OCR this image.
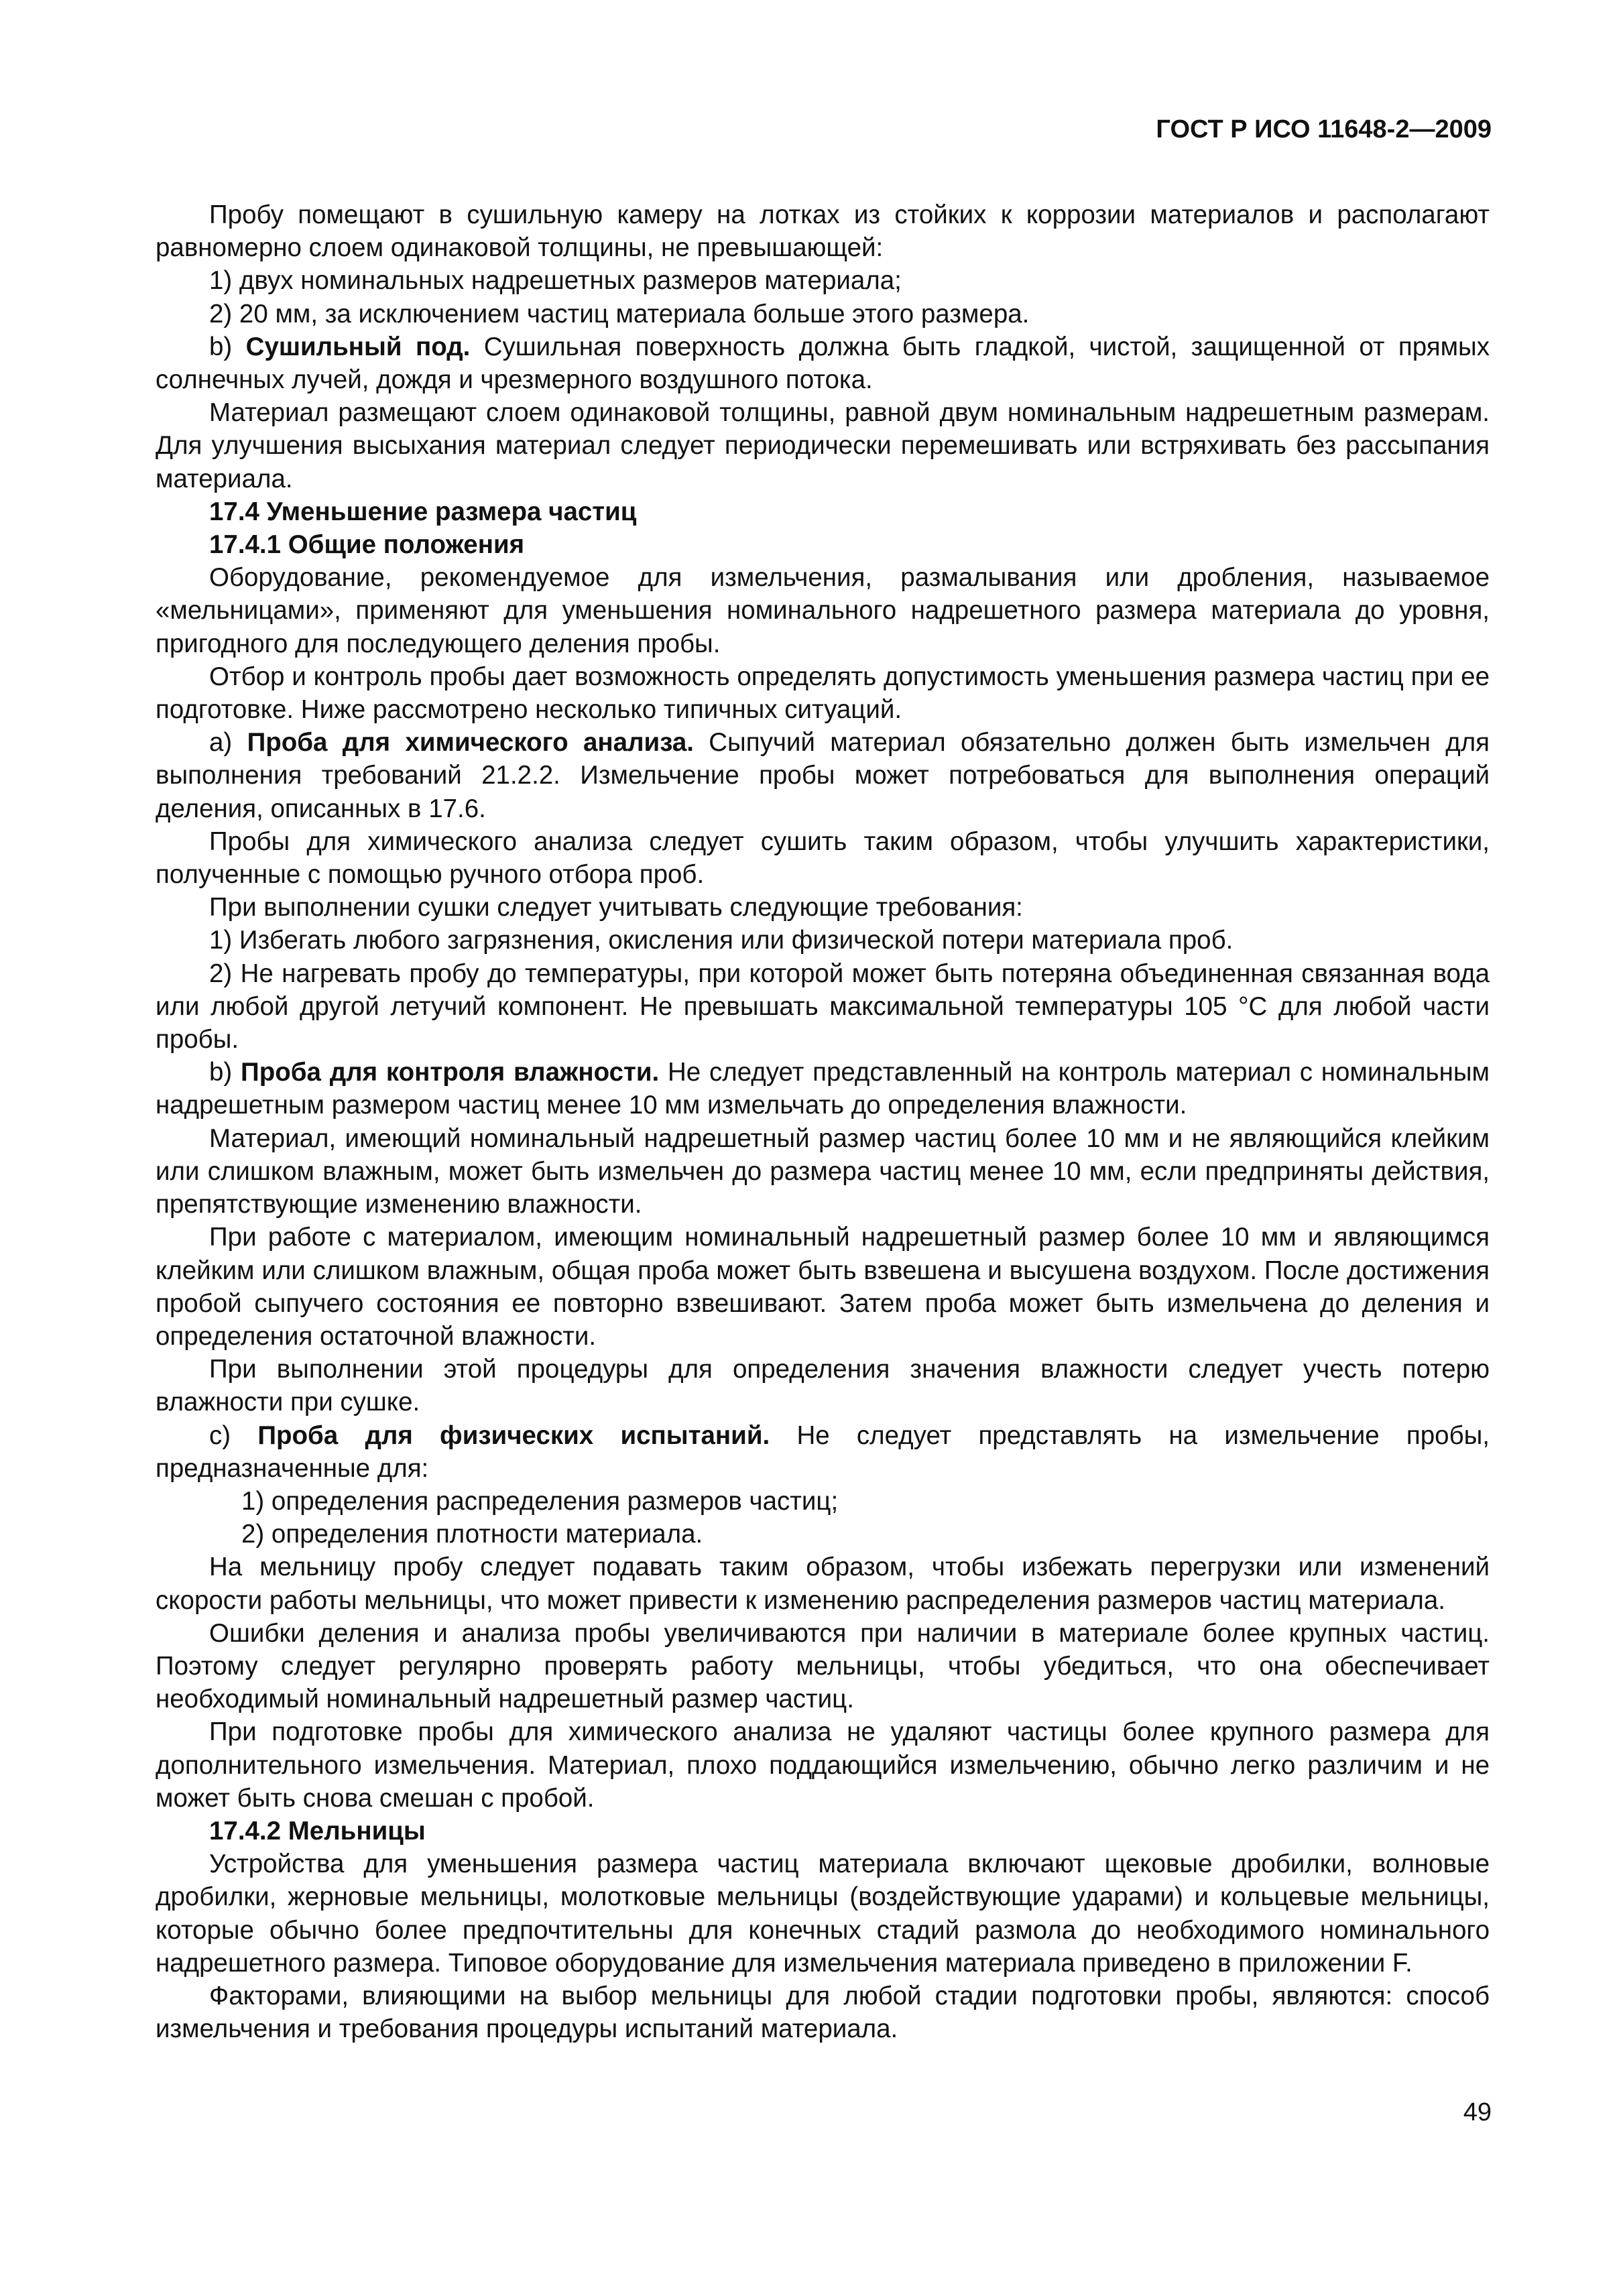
ГОСТ Р ИСО 11648-2—2009

Пробу помещают в сушильную камеру на лотках из стойких к коррозии материалов и располагают равномерно слоем одинаковой толщины, не превышающей:

1) двух номинальных надрешетных размеров материала;

2) 20 мм, за исключением частиц материала больше этого размера.

b) Сушильный под. Сушильная поверхность должна быть гладкой, чистой, защищенной от прямых солнечных лучей, дождя и чрезмерного воздушного потока.

Материал размещают слоем одинаковой толщины, равной двум номинальным надрешетным размерам. Для улучшения высыхания материал следует периодически перемешивать или встряхивать без рассыпания материала.

17.4 Уменьшение размера частиц

17.4.1 Общие положения

Оборудование, рекомендуемое для измельчения, размалывания или дробления, называемое «мельницами», применяют для уменьшения номинального надрешетного размера материала до уровня, пригодного для последующего деления пробы.

Отбор и контроль пробы дает возможность определять допустимость уменьшения размера частиц при ее подготовке. Ниже рассмотрено несколько типичных ситуаций.

a) Проба для химического анализа. Сыпучий материал обязательно должен быть измельчен для выполнения требований 21.2.2. Измельчение пробы может потребоваться для выполнения операций деления, описанных в 17.6.

Пробы для химического анализа следует сушить таким образом, чтобы улучшить характеристики, полученные с помощью ручного отбора проб.

При выполнении сушки следует учитывать следующие требования:

1) Избегать любого загрязнения, окисления или физической потери материала проб.

2) Не нагревать пробу до температуры, при которой может быть потеряна объединенная связанная вода или любой другой летучий компонент. Не превышать максимальной температуры 105 °С для любой части пробы.

b) Проба для контроля влажности. Не следует представленный на контроль материал с номинальным надрешетным размером частиц менее 10 мм измельчать до определения влажности.

Материал, имеющий номинальный надрешетный размер частиц более 10 мм и не являющийся клейким или слишком влажным, может быть измельчен до размера частиц менее 10 мм, если предприняты действия, препятствующие изменению влажности.

При работе с материалом, имеющим номинальный надрешетный размер более 10 мм и являющимся клейким или слишком влажным, общая проба может быть взвешена и высушена воздухом. После достижения пробой сыпучего состояния ее повторно взвешивают. Затем проба может быть измельчена до деления и определения остаточной влажности.

При выполнении этой процедуры для определения значения влажности следует учесть потерю влажности при сушке.

c) Проба для физических испытаний. Не следует представлять на измельчение пробы, предназначенные для:

1) определения распределения размеров частиц;

2) определения плотности материала.

На мельницу пробу следует подавать таким образом, чтобы избежать перегрузки или изменений скорости работы мельницы, что может привести к изменению распределения размеров частиц материала.

Ошибки деления и анализа пробы увеличиваются при наличии в материале более крупных частиц. Поэтому следует регулярно проверять работу мельницы, чтобы убедиться, что она обеспечивает необходимый номинальный надрешетный размер частиц.

При подготовке пробы для химического анализа не удаляют частицы более крупного размера для дополнительного измельчения. Материал, плохо поддающийся измельчению, обычно легко различим и не может быть снова смешан с пробой.

17.4.2 Мельницы

Устройства для уменьшения размера частиц материала включают щековые дробилки, волновые дробилки, жерновые мельницы, молотковые мельницы (воздействующие ударами) и кольцевые мельницы, которые обычно более предпочтительны для конечных стадий размола до необходимого номинального надрешетного размера. Типовое оборудование для измельчения материала приведено в приложении F.

Факторами, влияющими на выбор мельницы для любой стадии подготовки пробы, являются: способ измельчения и требования процедуры испытаний материала.

49
